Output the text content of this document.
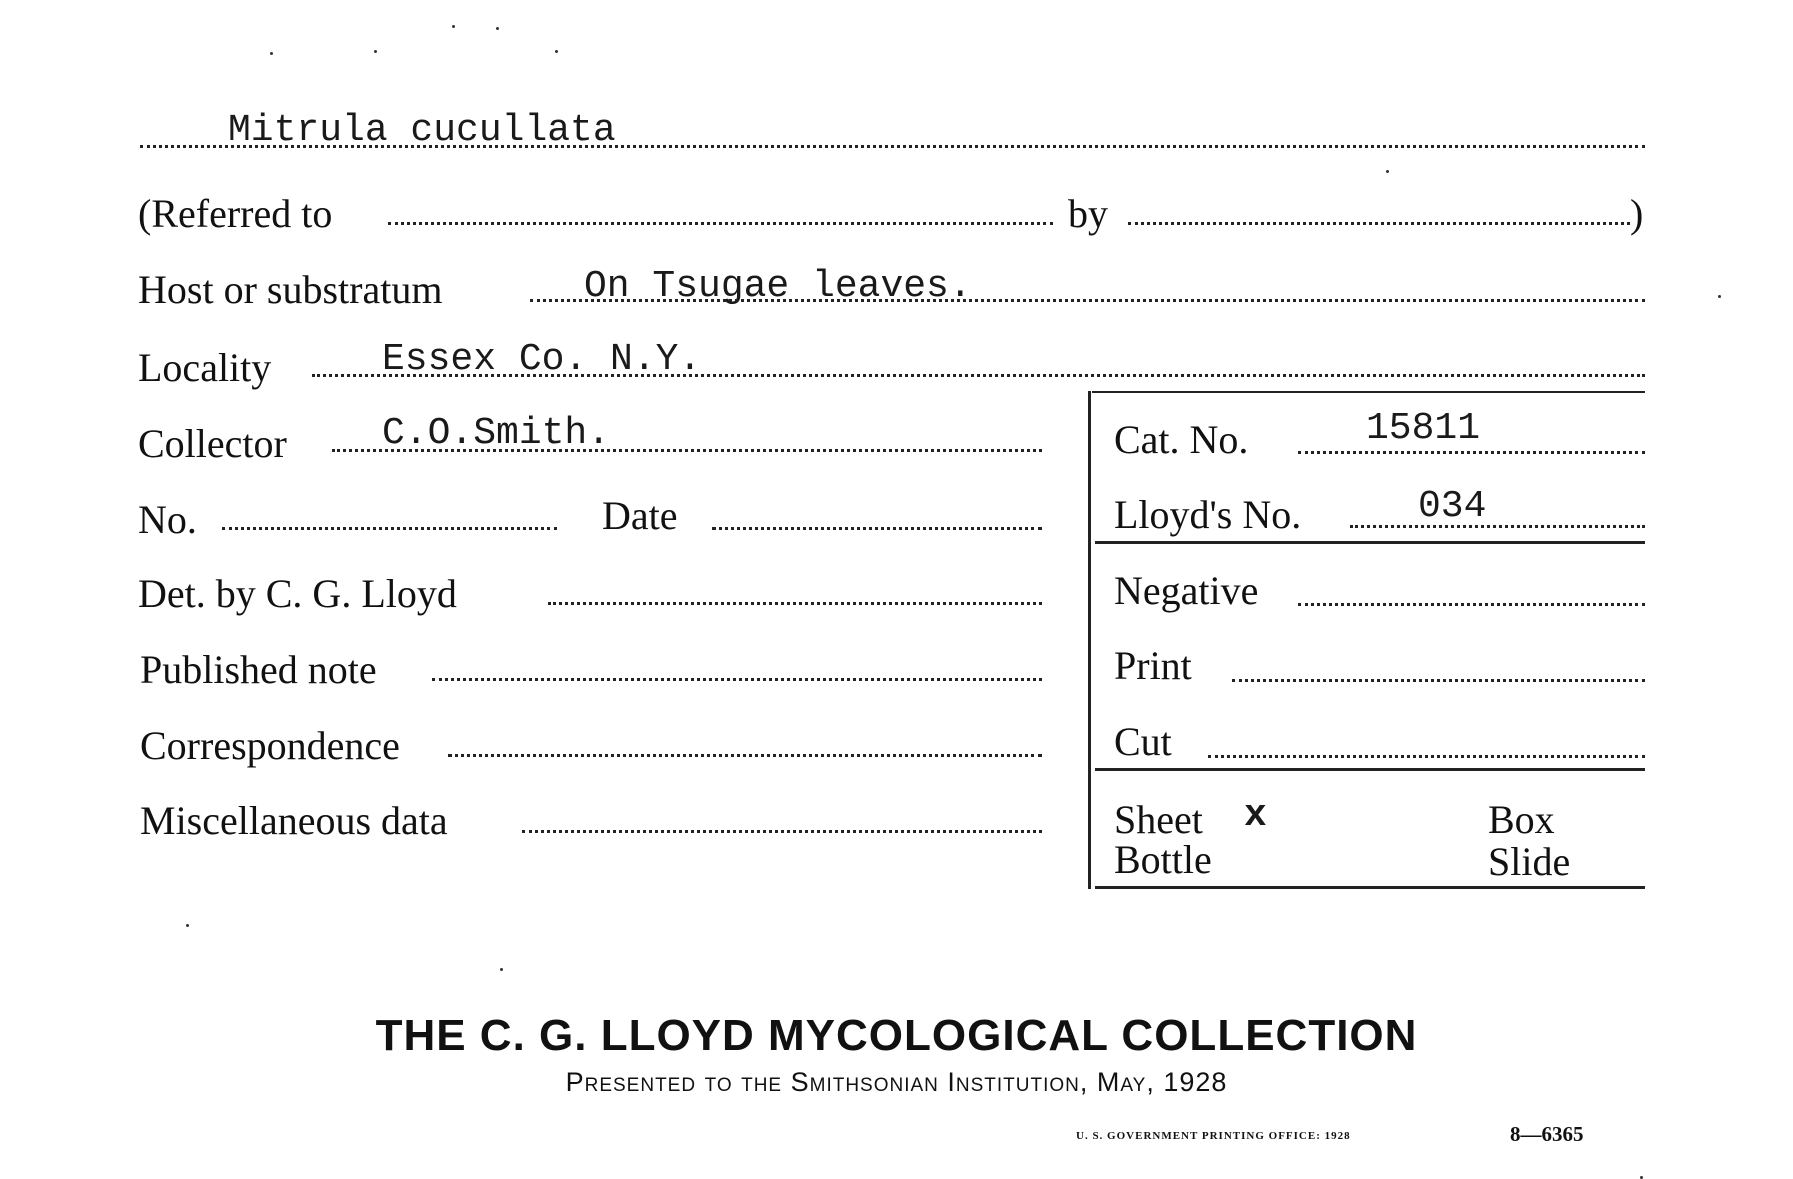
Mitrula cucullata
(Referred to	by	)
Host or substratum	On Tsugae leaves.
Locality	Essex Co. N.Y.
Collector	C.O.Smith.
No.	Date
Det. by C. G. Lloyd
Published note
Correspondence
Miscellaneous data
Cat. No.	15811
Lloyd's No.	034
Negative
Print
Cut
Sheet x	Box
Bottle	Slide
THE C. G. LLOYD MYCOLOGICAL COLLECTION
Presented to the Smithsonian Institution, May, 1928
U. S. GOVERNMENT PRINTING OFFICE: 1928	8—6365
